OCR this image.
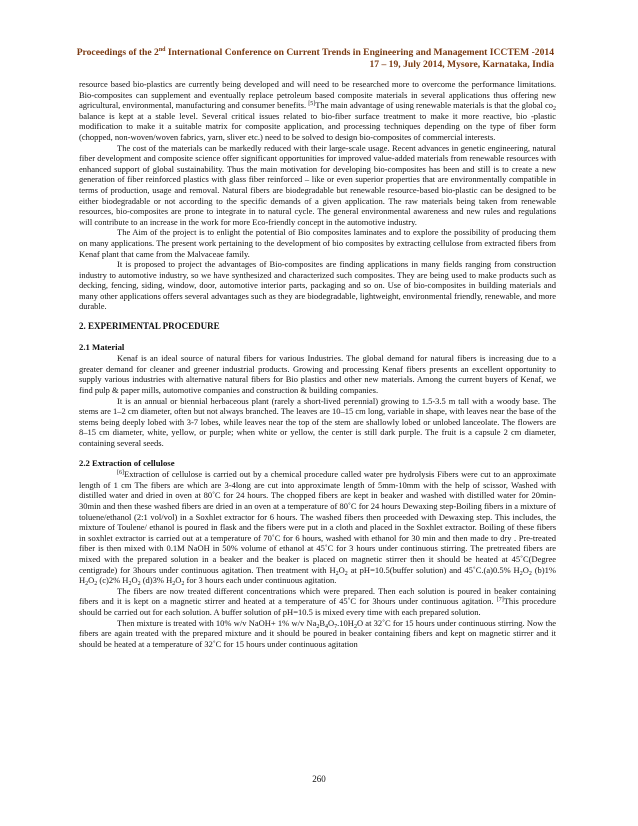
Proceedings of the 2nd International Conference on Current Trends in Engineering and Management ICCTEM -2014
17 – 19, July 2014, Mysore, Karnataka, India

resource based bio-plastics are currently being developed and will need to be researched more to overcome the performance limitations. Bio-composites can supplement and eventually replace petroleum based composite materials in several applications thus offering new agricultural, environmental, manufacturing and consumer benefits. [5]The main advantage of using renewable materials is that the global $co_2$ balance is kept at a stable level. Several critical issues related to bio-fiber surface treatment to make it more reactive, bio -plastic modification to make it a suitable matrix for composite application, and processing techniques depending on the type of fiber form (chopped, non-woven/woven fabrics, yarn, sliver etc.) need to be solved to design bio-composites of commercial interests.

The cost of the materials can be markedly reduced with their large-scale usage. Recent advances in genetic engineering, natural fiber development and composite science offer significant opportunities for improved value-added materials from renewable resources with enhanced support of global sustainability. Thus the main motivation for developing bio-composites has been and still is to create a new generation of fiber reinforced plastics with glass fiber reinforced – like or even superior properties that are environmentally compatible in terms of production, usage and removal. Natural fibers are biodegradable but renewable resource-based bio-plastic can be designed to be either biodegradable or not according to the specific demands of a given application. The raw materials being taken from renewable resources, bio-composites are prone to integrate in to natural cycle. The general environmental awareness and new rules and regulations will contribute to an increase in the work for more Eco-friendly concept in the automotive industry.

The Aim of the project is to enlight the potential of Bio composites laminates and to explore the possibility of producing them on many applications. The present work pertaining to the development of bio composites by extracting cellulose from extracted fibers from Kenaf plant that came from the Malvaceae family.

It is proposed to project the advantages of Bio-composites are finding applications in many fields ranging from construction industry to automotive industry, so we have synthesized and characterized such composites. They are being used to make products such as decking, fencing, siding, window, door, automotive interior parts, packaging and so on. Use of bio-composites in building materials and many other applications offers several advantages such as they are biodegradable, lightweight, environmental friendly, renewable, and more durable.

2. EXPERIMENTAL PROCEDURE
2.1 Material

Kenaf is an ideal source of natural fibers for various Industries. The global demand for natural fibers is increasing due to a greater demand for cleaner and greener industrial products. Growing and processing Kenaf fibers presents an excellent opportunity to supply various industries with alternative natural fibers for Bio plastics and other new materials. Among the current buyers of Kenaf, we find pulp & paper mills, automotive companies and construction & building companies.

It is an annual or biennial herbaceous plant (rarely a short-lived perennial) growing to 1.5-3.5 m tall with a woody base. The stems are 1–2 cm diameter, often but not always branched. The leaves are 10–15 cm long, variable in shape, with leaves near the base of the stems being deeply lobed with 3-7 lobes, while leaves near the top of the stem are shallowly lobed or unlobed lanceolate. The flowers are 8–15 cm diameter, white, yellow, or purple; when white or yellow, the center is still dark purple. The fruit is a capsule 2 cm diameter, containing several seeds.

2.2 Extraction of cellulose

[6]Extraction of cellulose is carried out by a chemical procedure called water pre hydrolysis Fibers were cut to an approximate length of 1 cm The fibers are which are 3-4long are cut into approximate length of 5mm-10mm with the help of scissor, Washed with distilled water and dried in oven at 80˚C for 24 hours. The chopped fibers are kept in beaker and washed with distilled water for 20min-30min and then these washed fibers are dried in an oven at a temperature of 80˚C for 24 hours Dewaxing step-Boiling fibers in a mixture of toluene/ethanol (2:1 vol/vol) in a Soxhlet extractor for 6 hours. The washed fibers then proceeded with Dewaxing step. This includes, the mixture of Toulene/ ethanol is poured in flask and the fibers were put in a cloth and placed in the Soxhlet extractor. Boiling of these fibers in soxhlet extractor is carried out at a temperature of 70˚C for 6 hours, washed with ethanol for 30 min and then made to dry . Pre-treated fiber is then mixed with 0.1M NaOH in 50% volume of ethanol at 45˚C for 3 hours under continuous stirring. The pretreated fibers are mixed with the prepared solution in a beaker and the beaker is placed on magnetic stirrer then it should be heated at 45˚C(Degree centigrade) for 3hours under continuous agitation. Then treatment with $H_2O_2$ at pH=10.5(buffer solution) and 45˚C.(a)0.5% $H_2O_2$ (b)1% $H_2O_2$ (c)2% $H_2O_2$ (d)3% $H_2O_2$ for 3 hours each under continuous agitation.

The fibers are now treated different concentrations which were prepared. Then each solution is poured in beaker containing fibers and it is kept on a magnetic stirrer and heated at a temperature of 45˚C for 3hours under continuous agitation. [7]This procedure should be carried out for each solution. A buffer solution of pH=10.5 is mixed every time with each prepared solution.

Then mixture is treated with 10% w/v NaOH+ 1% w/v $Na_2B_4O_7.10H_2O$ at 32˚C for 15 hours under continuous stirring. Now the fibers are again treated with the prepared mixture and it should be poured in beaker containing fibers and kept on magnetic stirrer and it should be heated at a temperature of 32˚C for 15 hours under continuous agitation

260
